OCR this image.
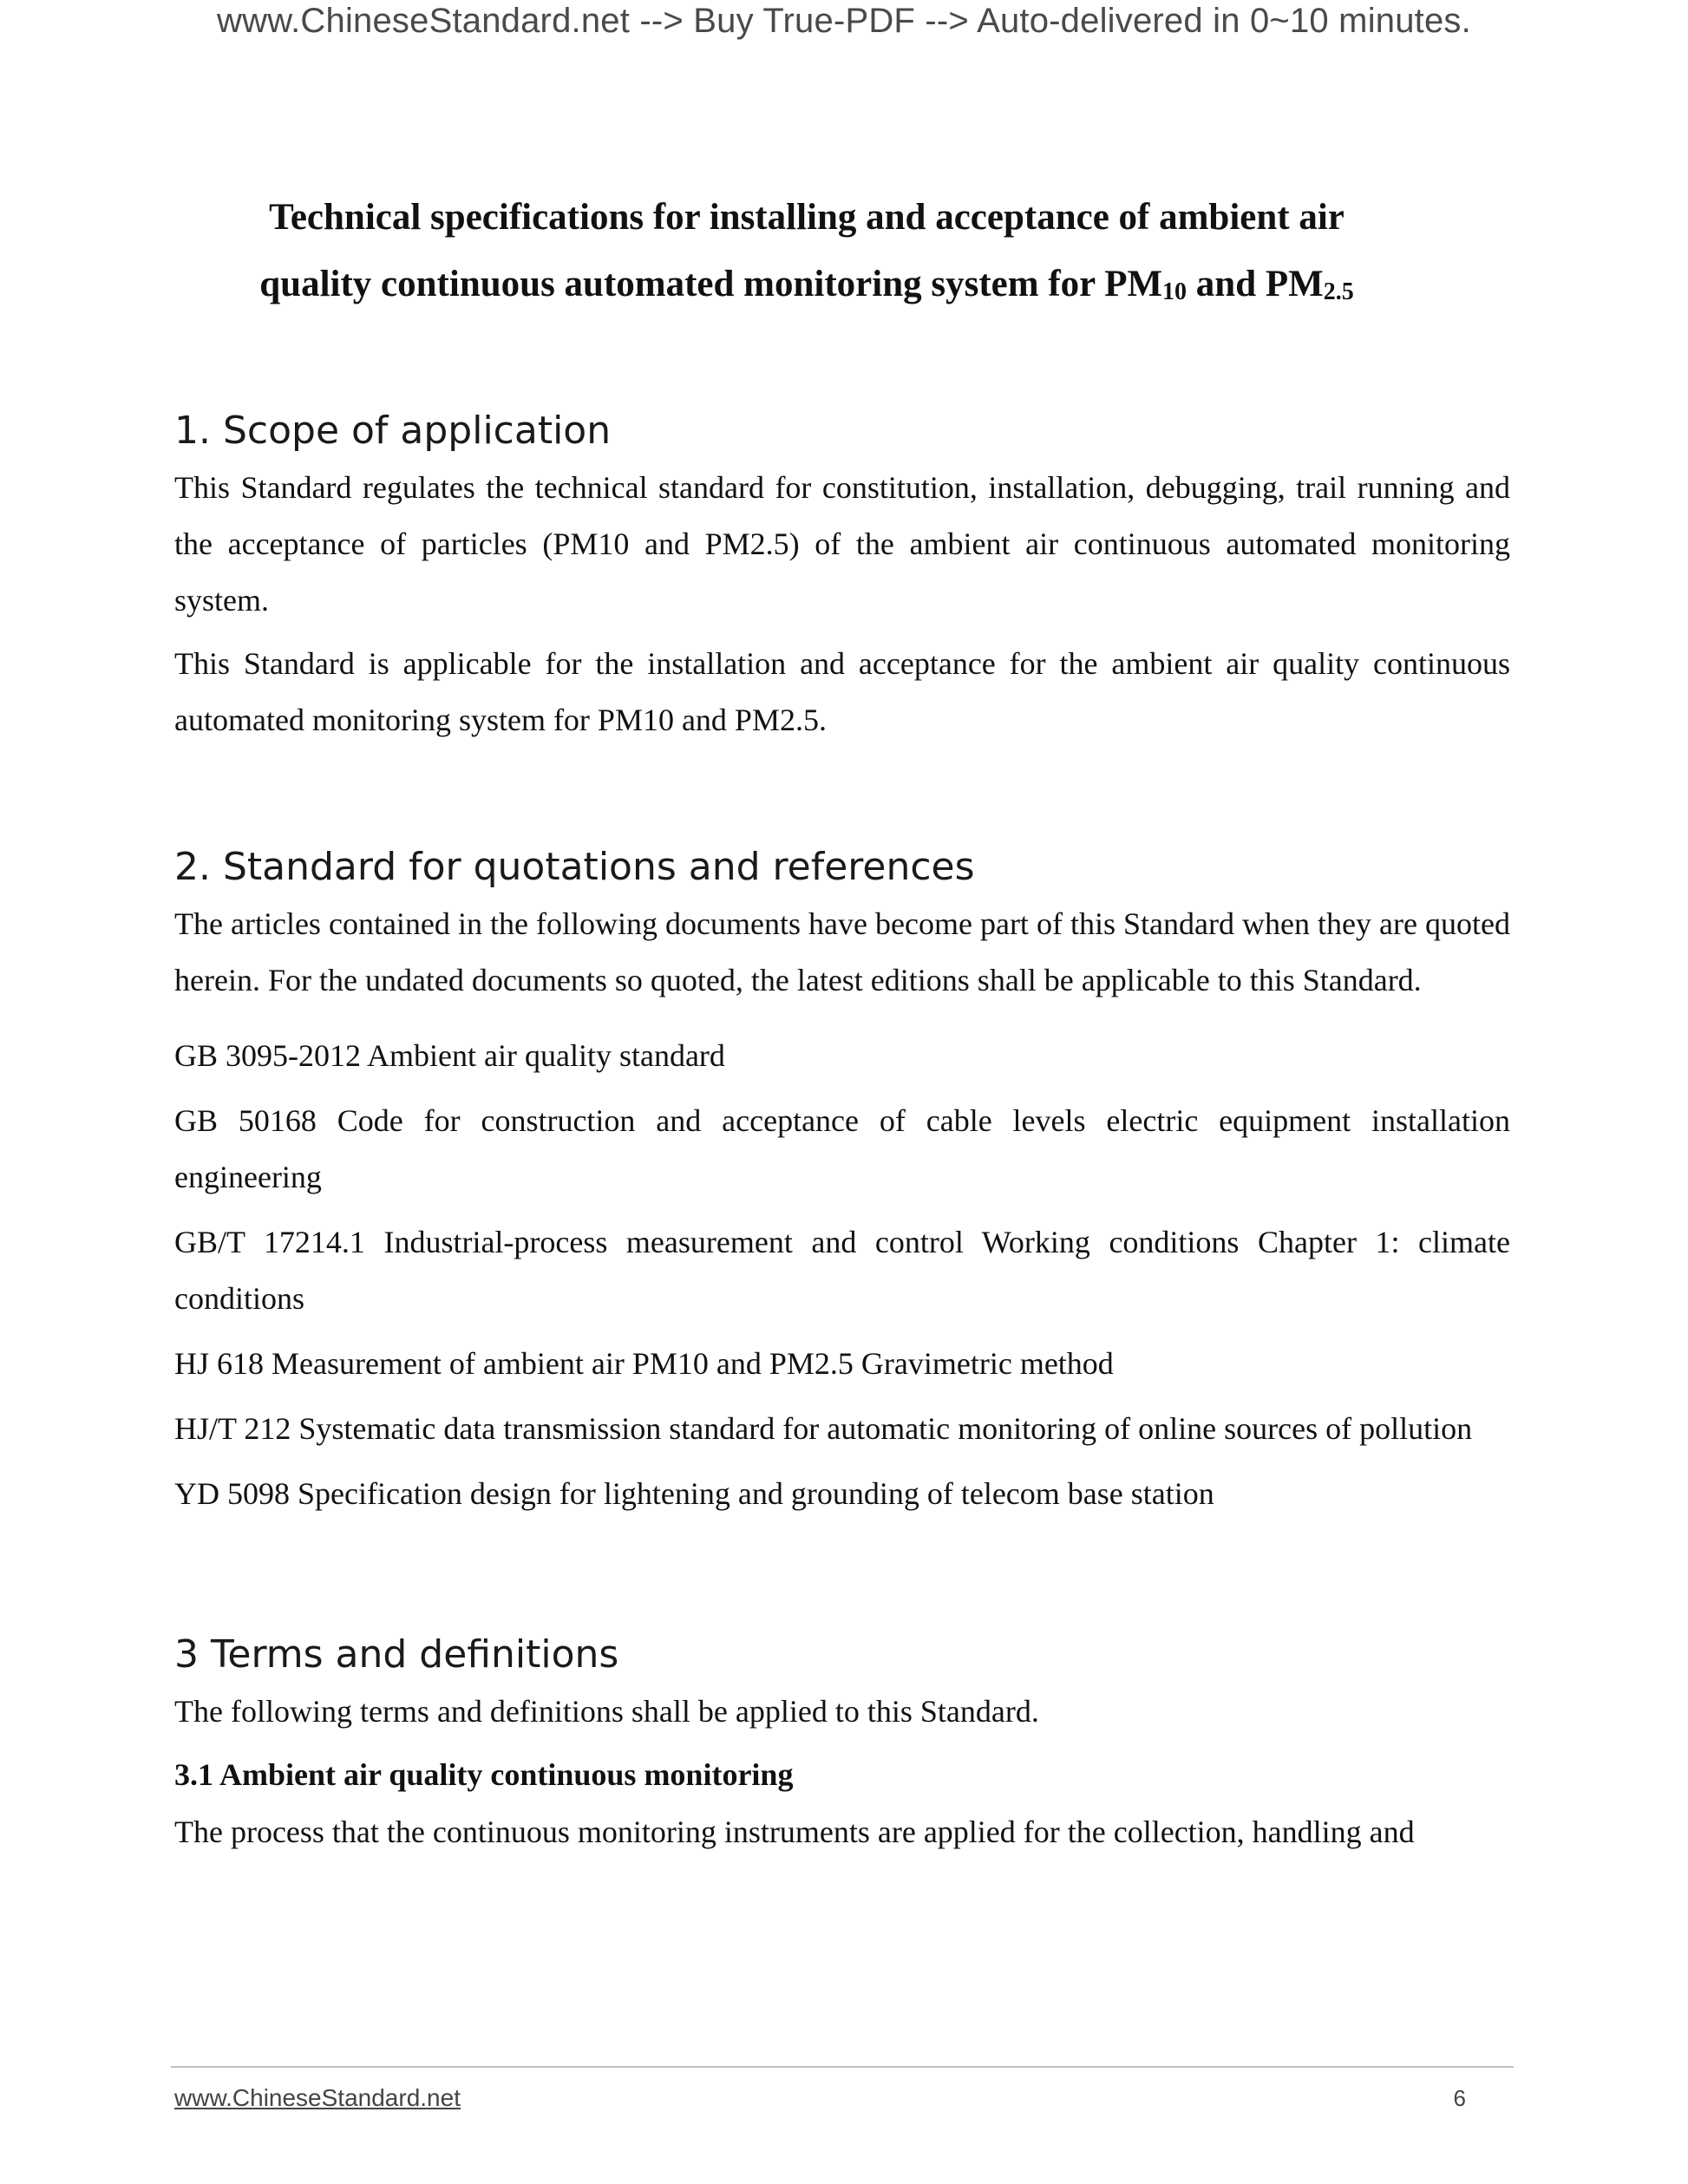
www.ChineseStandard.net --> Buy True-PDF --> Auto-delivered in 0~10 minutes.
Technical specifications for installing and acceptance of ambient air
quality continuous automated monitoring system for $PM_{10}$ and $PM_{2.5}$
1. Scope of application

This Standard regulates the technical standard for constitution, installation, debugging, trail running and the acceptance of particles (PM10 and PM2.5) of the ambient air continuous automated monitoring system.

This Standard is applicable for the installation and acceptance for the ambient air quality continuous automated monitoring system for PM10 and PM2.5.

2. Standard for quotations and references

The articles contained in the following documents have become part of this Standard when they are quoted herein. For the undated documents so quoted, the latest editions shall be applicable to this Standard.

GB 3095-2012 Ambient air quality standard

GB 50168 Code for construction and acceptance of cable levels electric equipment installation engineering

GB/T 17214.1 Industrial-process measurement and control Working conditions Chapter 1: climate conditions

HJ 618 Measurement of ambient air PM10 and PM2.5 Gravimetric method

HJ/T 212 Systematic data transmission standard for automatic monitoring of online sources of pollution

YD 5098 Specification design for lightening and grounding of telecom base station

3 Terms and definitions

The following terms and definitions shall be applied to this Standard.

3.1 Ambient air quality continuous monitoring

The process that the continuous monitoring instruments are applied for the collection, handling and

www.ChineseStandard.net	6
